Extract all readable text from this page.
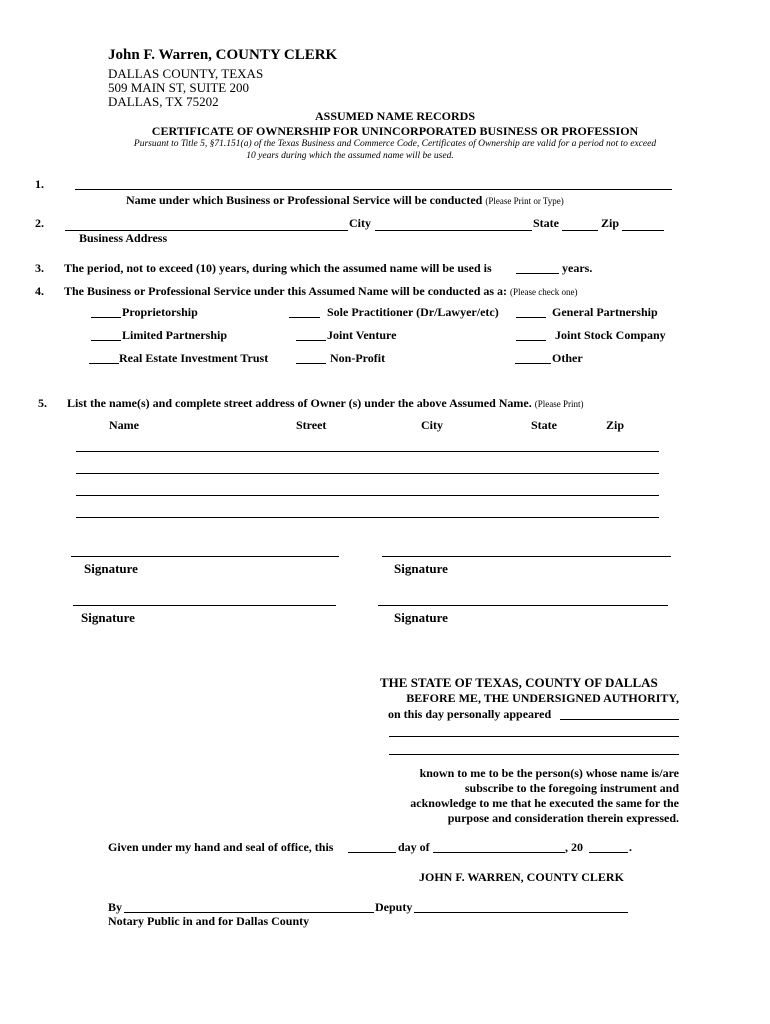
John F. Warren, COUNTY CLERK
DALLAS COUNTY, TEXAS
509 MAIN ST, SUITE 200
DALLAS, TX 75202
ASSUMED NAME RECORDS
CERTIFICATE OF OWNERSHIP FOR UNINCORPORATED BUSINESS OR PROFESSION
Pursuant to Title 5, §71.151(a) of the Texas Business and Commerce Code, Certificates of Ownership are valid for a period not to exceed
10 years during which the assumed name will be used.
1.
Name under which Business or Professional Service will be conducted (Please Print or Type)
2.	City	State	Zip
Business Address
3. The period, not to exceed (10) years, during which the assumed name will be used is	years.
4. The Business or Professional Service under this Assumed Name will be conducted as a: (Please check one)
Proprietorship	Sole Practitioner (Dr/Lawyer/etc)	General Partnership
Limited Partnership	Joint Venture	Joint Stock Company
Real Estate Investment Trust	Non-Profit	Other
5. List the name(s) and complete street address of Owner (s) under the above Assumed Name. (Please Print)
Name	Street	City	State	Zip
Signature	Signature
Signature	Signature
THE STATE OF TEXAS, COUNTY OF DALLAS
BEFORE ME, THE UNDERSIGNED AUTHORITY,
on this day personally appeared
known to me to be the person(s) whose name is/are
subscribe to the foregoing instrument and
acknowledge to me that he executed the same for the
purpose and consideration therein expressed.
Given under my hand and seal of office, this	day of	, 20	.
JOHN F. WARREN, COUNTY CLERK
By	Deputy
Notary Public in and for Dallas County
